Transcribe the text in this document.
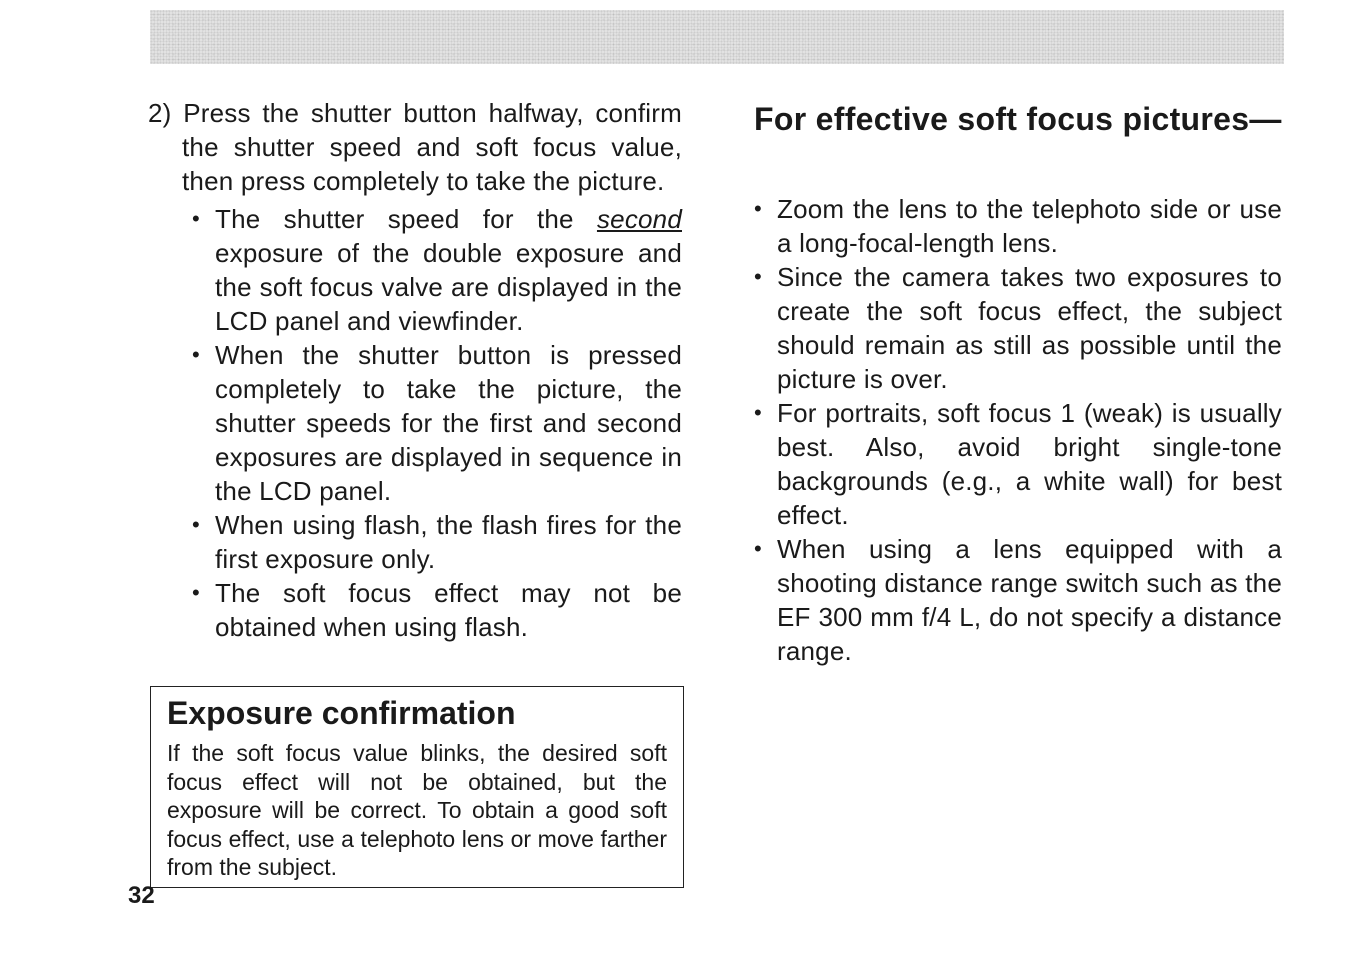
2) Press the shutter button halfway, confirm the shutter speed and soft focus value, then press completely to take the picture.

• The shutter speed for the second exposure of the double exposure and the soft focus valve are displayed in the LCD panel and viewfinder.
• When the shutter button is pressed completely to take the picture, the shutter speeds for the first and second exposures are displayed in sequence in the LCD panel.
• When using flash, the flash fires for the first exposure only.
• The soft focus effect may not be obtained when using flash.
Exposure confirmation

If the soft focus value blinks, the desired soft focus effect will not be obtained, but the exposure will be correct. To obtain a good soft focus effect, use a telephoto lens or move farther from the subject.

For effective soft focus pictures—
• Zoom the lens to the telephoto side or use a long-focal-length lens.
• Since the camera takes two exposures to create the soft focus effect, the subject should remain as still as possible until the picture is over.
• For portraits, soft focus 1 (weak) is usually best. Also, avoid bright single-tone backgrounds (e.g., a white wall) for best effect.
• When using a lens equipped with a shooting distance range switch such as the EF 300 mm f/4 L, do not specify a distance range.
32
